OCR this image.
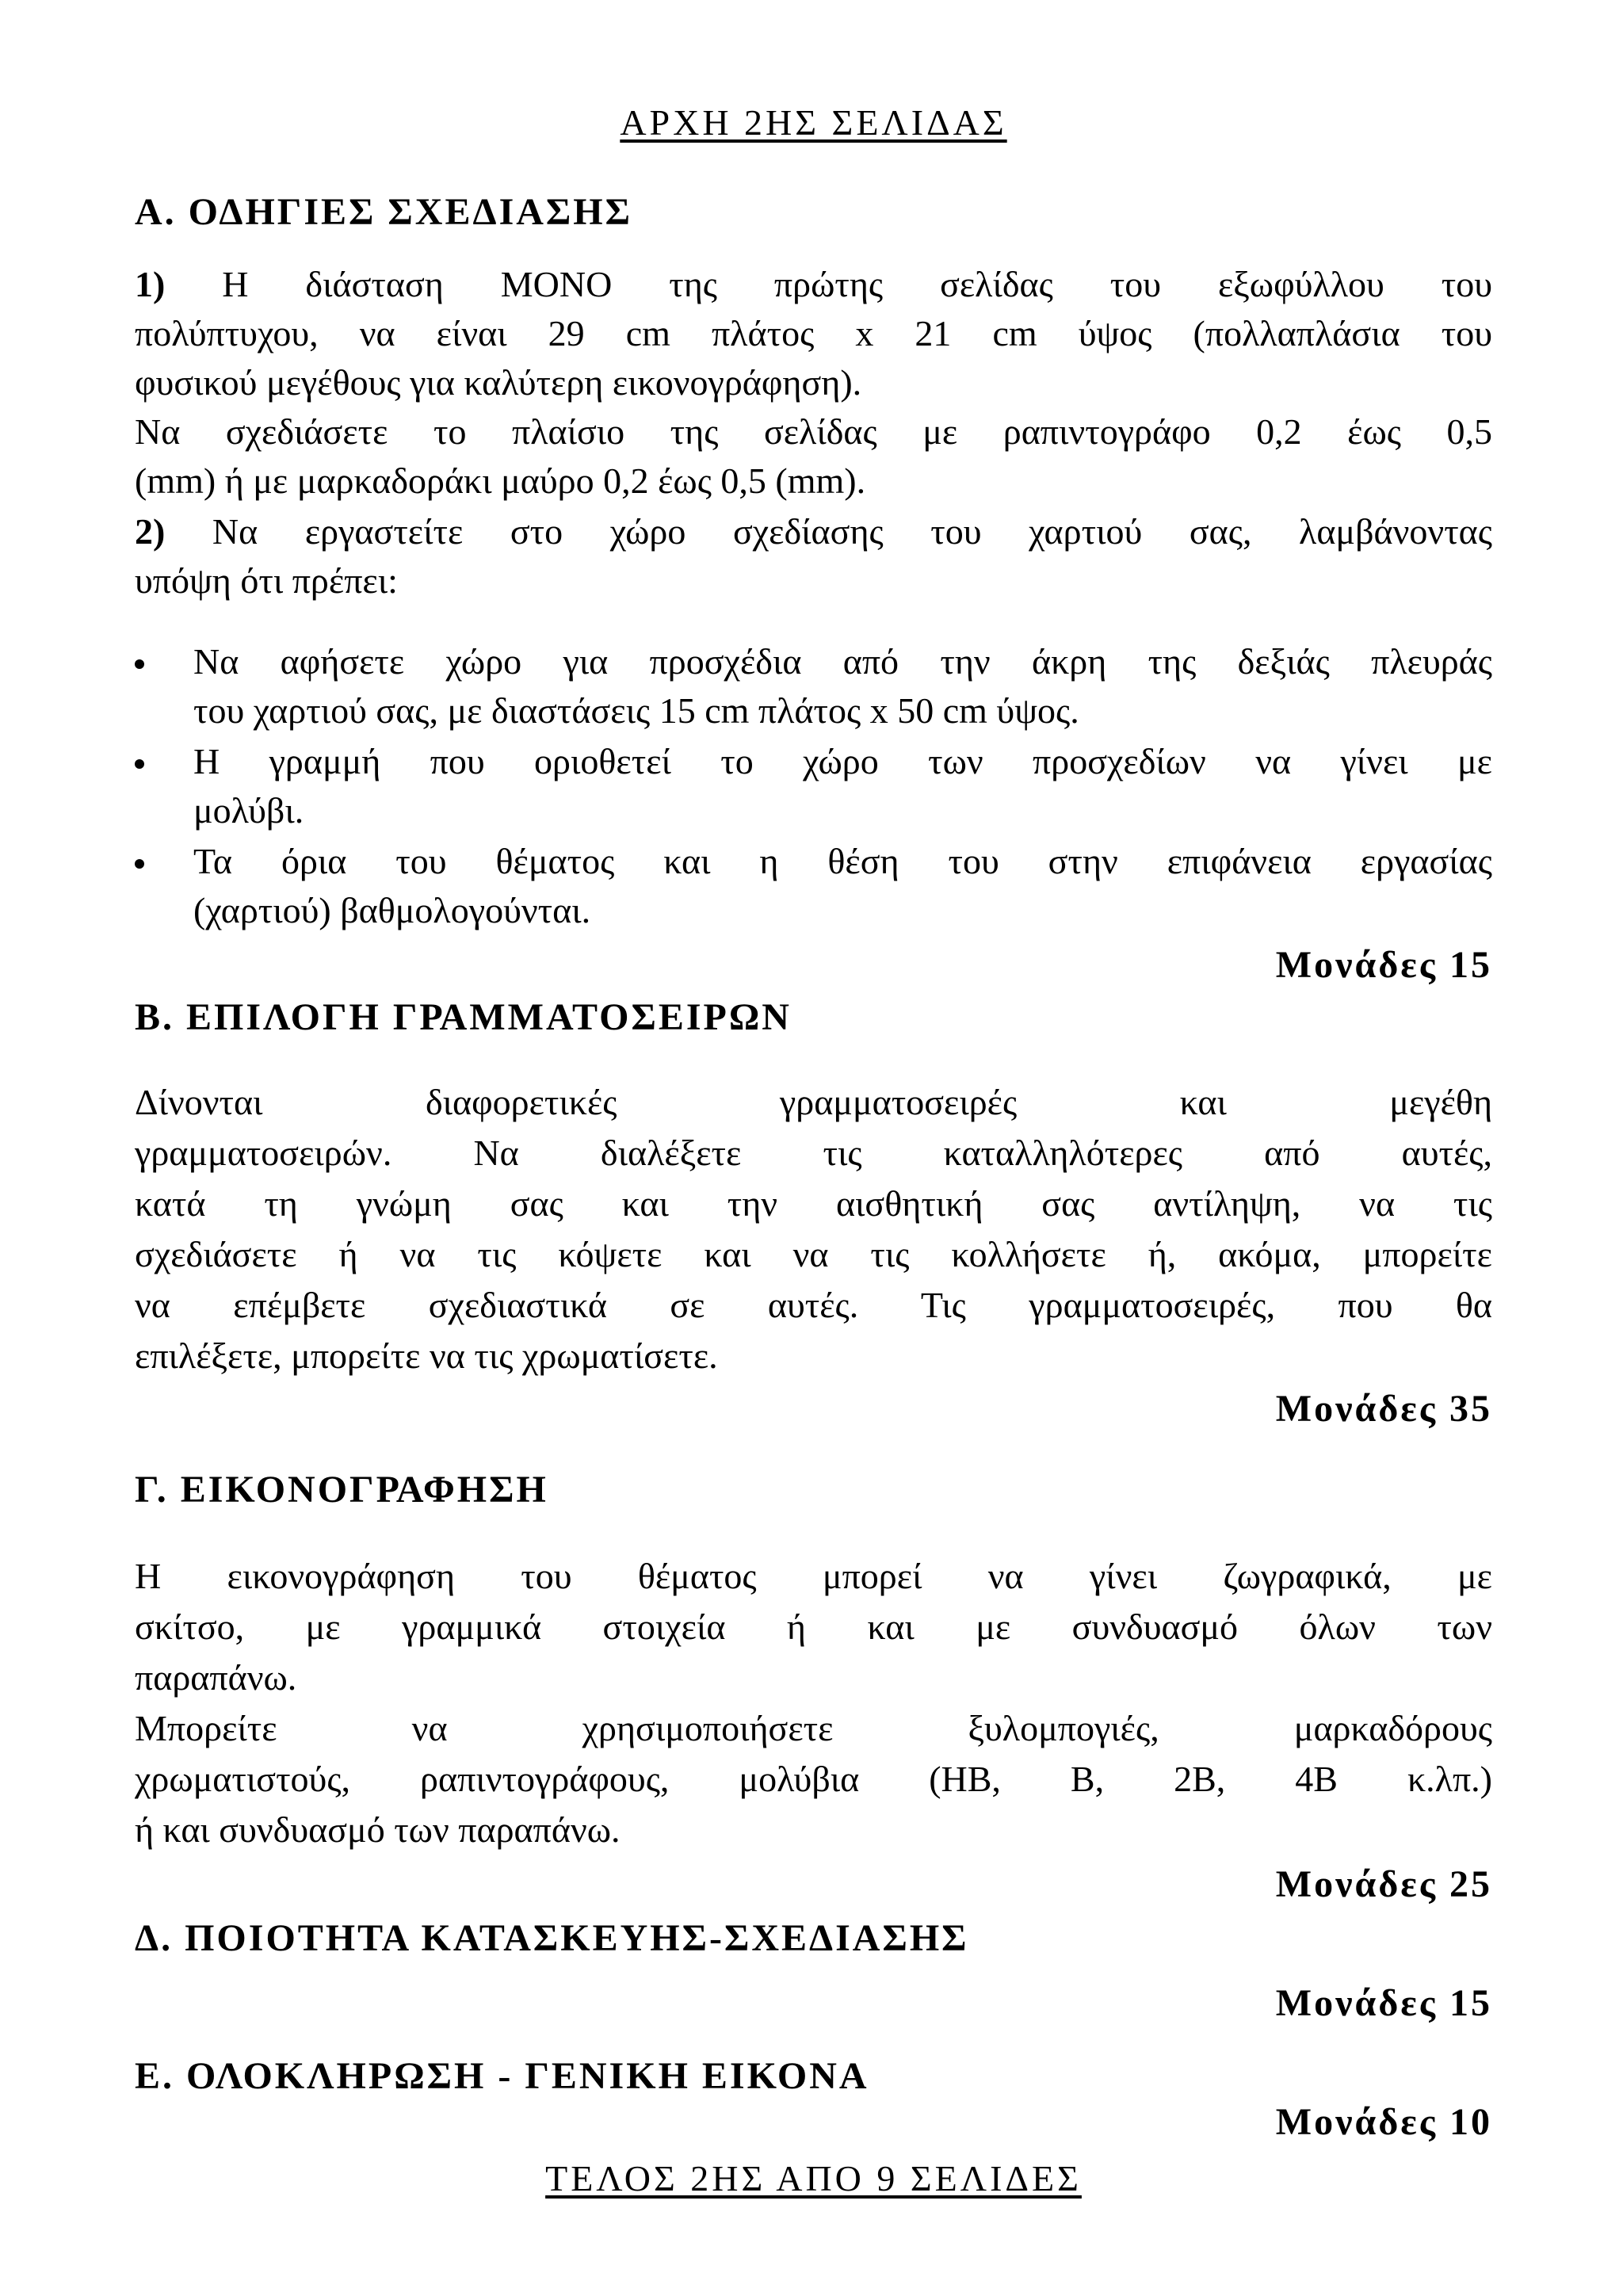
ΑΡΧΗ 2ΗΣ ΣΕΛΙΔΑΣ
Α. ΟΔΗΓΙΕΣ ΣΧΕΔΙΑΣΗΣ
1) Η διάσταση ΜΟΝΟ της πρώτης σελίδας του εξωφύλλου του
πολύπτυχου, να είναι 29 cm πλάτος x 21 cm ύψος (πολλαπλάσια του
φυσικού μεγέθους για καλύτερη εικονογράφηση).
Να σχεδιάσετε το πλαίσιο της σελίδας με ραπιντογράφο 0,2 έως 0,5
(mm) ή με μαρκαδοράκι μαύρο 0,2 έως 0,5 (mm).
2) Να εργαστείτε στο χώρο σχεδίασης του χαρτιού σας, λαμβάνοντας
υπόψη ότι πρέπει:
Να αφήσετε χώρο για προσχέδια από την άκρη της δεξιάς πλευράς
του χαρτιού σας, με διαστάσεις 15 cm πλάτος x 50 cm ύψος.
Η γραμμή που οριοθετεί το χώρο των προσχεδίων να γίνει με
μολύβι.
Τα όρια του θέματος και η θέση του στην επιφάνεια εργασίας
(χαρτιού) βαθμολογούνται.
Μονάδες 15
Β. ΕΠΙΛΟΓΗ ΓΡΑΜΜΑΤΟΣΕΙΡΩΝ
Δίνονται διαφορετικές γραμματοσειρές και μεγέθη
γραμματοσειρών. Να διαλέξετε τις καταλληλότερες από αυτές,
κατά τη γνώμη σας και την αισθητική σας αντίληψη, να τις
σχεδιάσετε ή να τις κόψετε και να τις κολλήσετε ή, ακόμα, μπορείτε
να επέμβετε σχεδιαστικά σε αυτές. Τις γραμματοσειρές, που θα
επιλέξετε, μπορείτε να τις χρωματίσετε.
Μονάδες 35
Γ. ΕΙΚΟΝΟΓΡΑΦΗΣΗ
Η εικονογράφηση του θέματος μπορεί να γίνει ζωγραφικά, με
σκίτσο, με γραμμικά στοιχεία ή και με συνδυασμό όλων των
παραπάνω.
Μπορείτε να χρησιμοποιήσετε ξυλομπογιές, μαρκαδόρους
χρωματιστούς, ραπιντογράφους, μολύβια (HB, B, 2B, 4B κ.λπ.)
ή και συνδυασμό των παραπάνω.
Μονάδες 25
Δ. ΠΟΙΟΤΗΤΑ ΚΑΤΑΣΚΕΥΗΣ-ΣΧΕΔΙΑΣΗΣ
Μονάδες 15
Ε. ΟΛΟΚΛΗΡΩΣΗ - ΓΕΝΙΚΗ ΕΙΚΟΝΑ
Μονάδες 10
ΤΕΛΟΣ 2ΗΣ ΑΠΟ 9 ΣΕΛΙΔΕΣ
